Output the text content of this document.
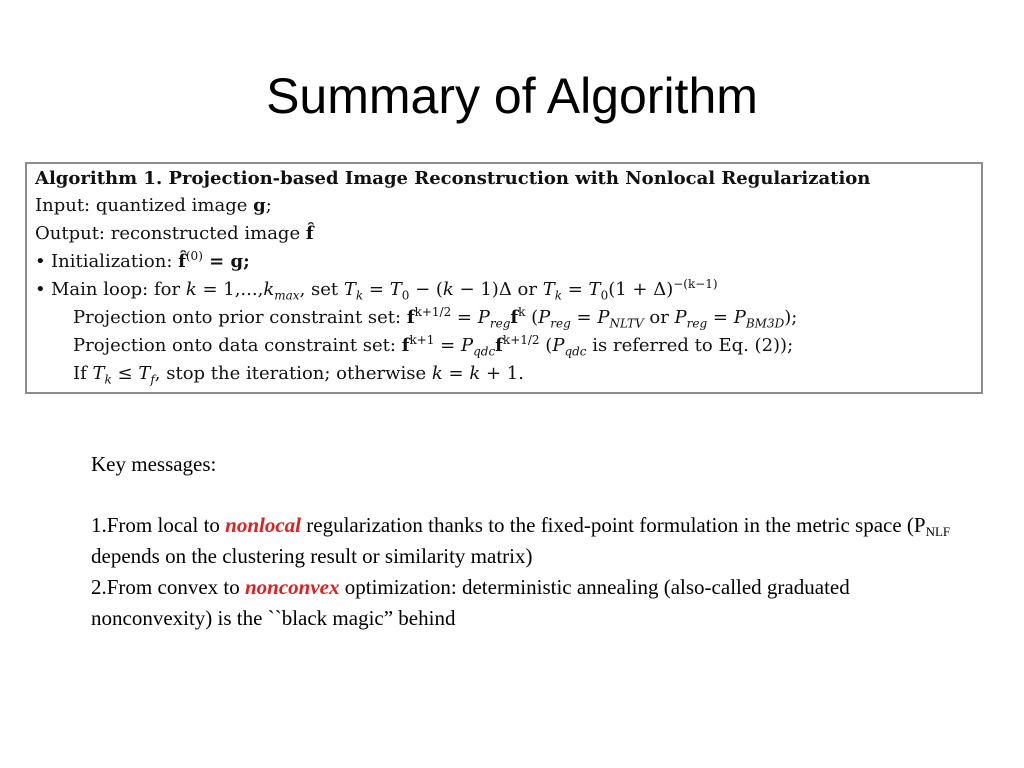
Summary of Algorithm
Algorithm 1. Projection-based Image Reconstruction with Nonlocal Regularization
Input: quantized image g;
Output: reconstructed image f̂
• Initialization: f̂$^{(0)}$ = g;
• Main loop: for $k = 1,...,k_{max}$, set $T_k = T_0 - (k - 1)\Delta$ or $T_k = T_0(1 + \Delta)^{-(k-1)}$
Projection onto prior constraint set: $f^{k+1/2} = P_{reg}f^k$ ($P_{reg} = P_{NLTV}$ or $P_{reg} = P_{BM3D}$);
Projection onto data constraint set: $f^{k+1} = P_{qdc}f^{k+1/2}$ ($P_{qdc}$ is referred to Eq. (2));
If $T_k \le T_f$, stop the iteration; otherwise k = k + 1.

Key messages:

1.From local to nonlocal regularization thanks to the fixed-point formulation in the metric space ($P_{NLF}$ depends on the clustering result or similarity matrix)

2.From convex to nonconvex optimization: deterministic annealing (also-called graduated nonconvexity) is the ``black magic” behind
